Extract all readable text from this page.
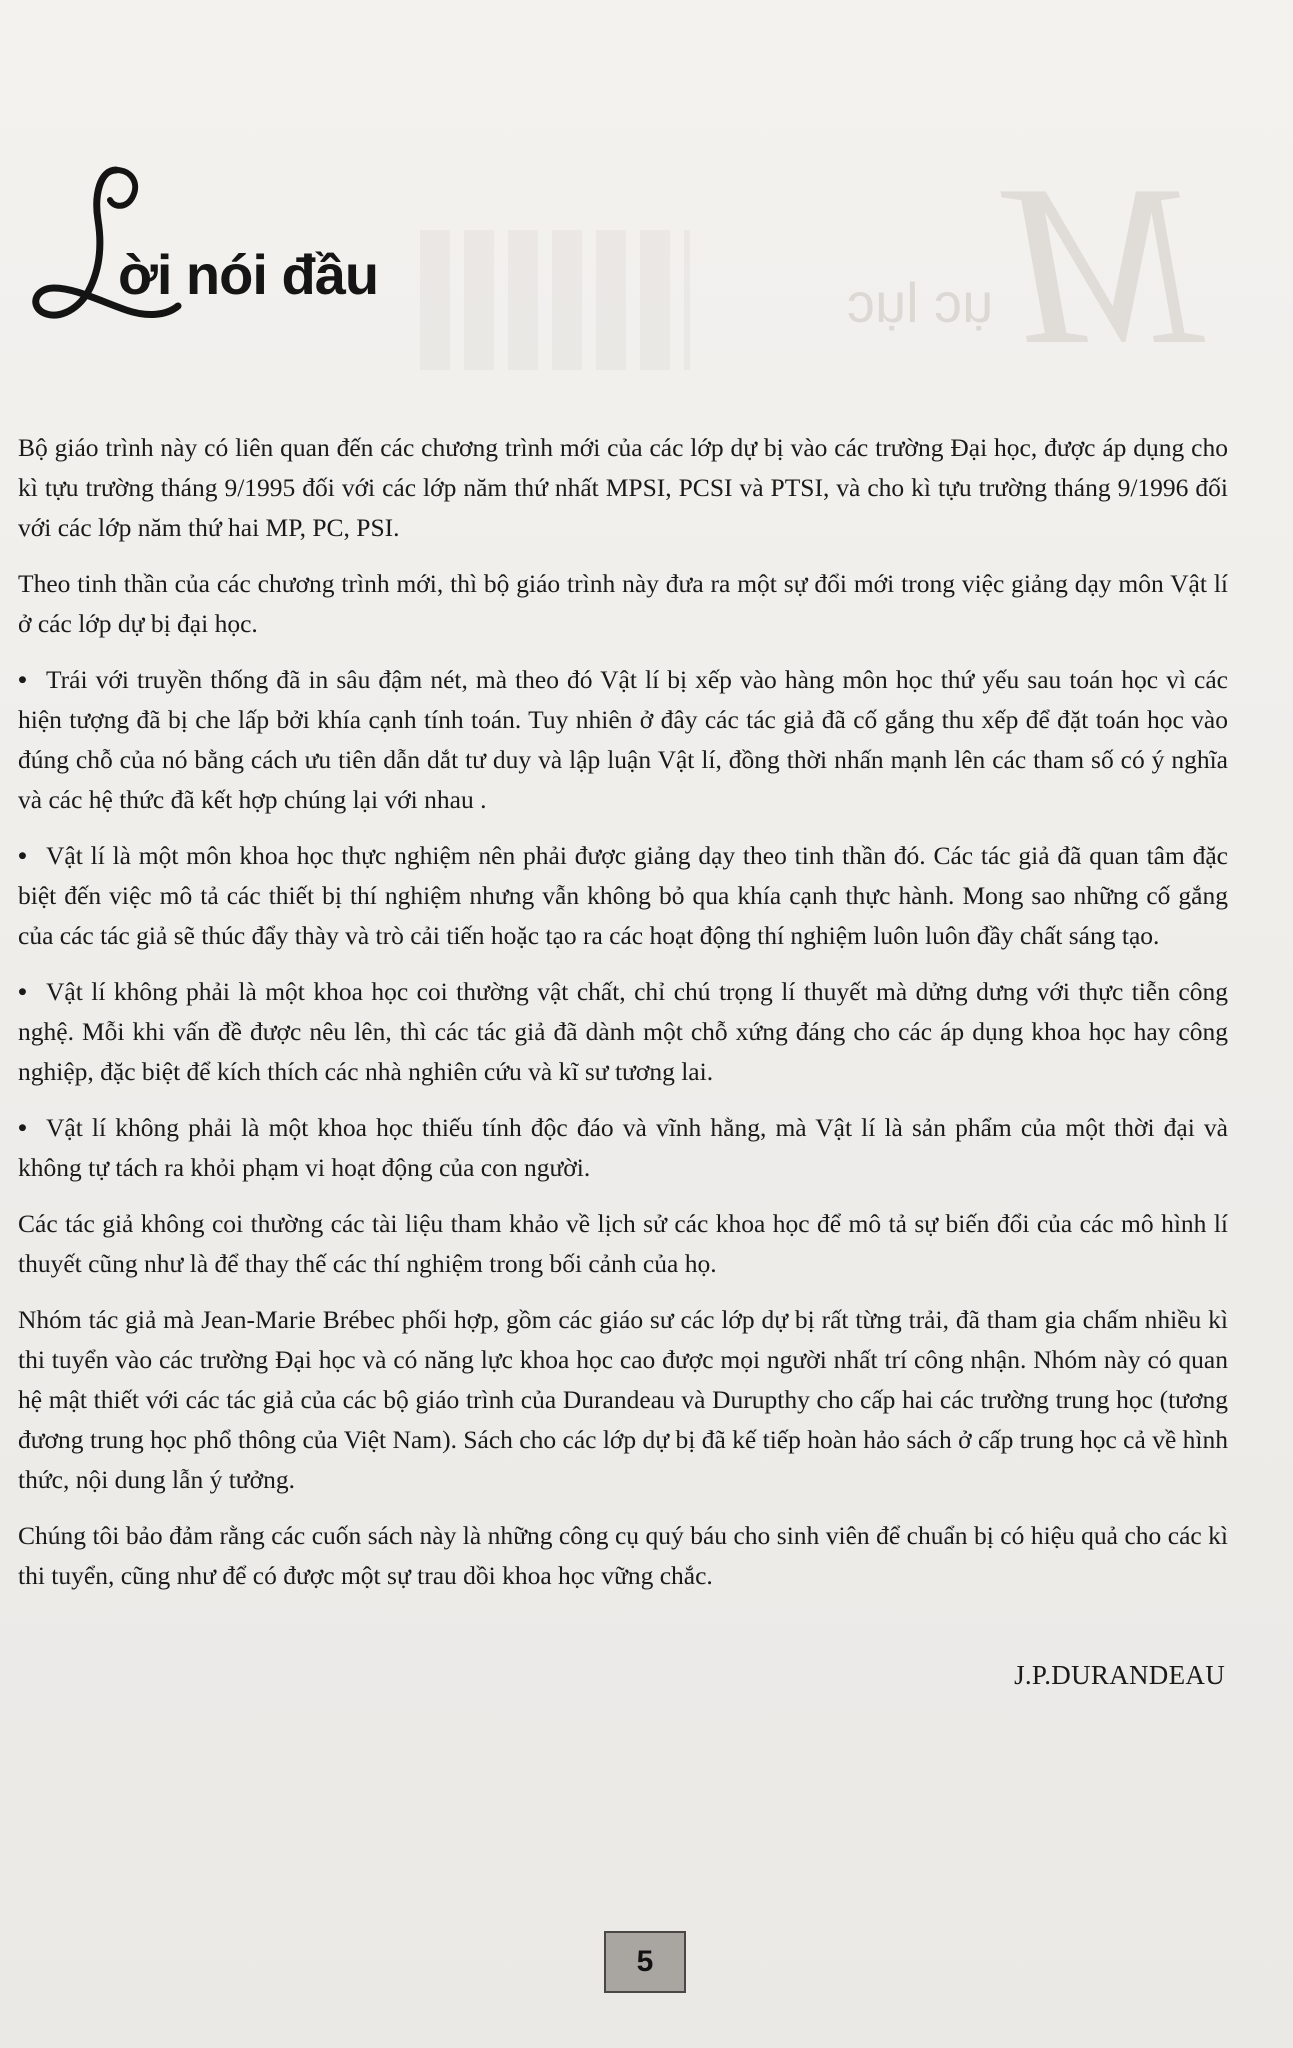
M
ục lục
ời nói đầu

Bộ giáo trình này có liên quan đến các chương trình mới của các lớp dự bị vào các trường Đại học, được áp dụng cho kì tựu trường tháng 9/1995 đối với các lớp năm thứ nhất MPSI, PCSI và PTSI, và cho kì tựu trường tháng 9/1996 đối với các lớp năm thứ hai MP, PC, PSI.

Theo tinh thần của các chương trình mới, thì bộ giáo trình này đưa ra một sự đổi mới trong việc giảng dạy môn Vật lí ở các lớp dự bị đại học.

• Trái với truyền thống đã in sâu đậm nét, mà theo đó Vật lí bị xếp vào hàng môn học thứ yếu sau toán học vì các hiện tượng đã bị che lấp bởi khía cạnh tính toán. Tuy nhiên ở đây các tác giả đã cố gắng thu xếp để đặt toán học vào đúng chỗ của nó bằng cách ưu tiên dẫn dắt tư duy và lập luận Vật lí, đồng thời nhấn mạnh lên các tham số có ý nghĩa và các hệ thức đã kết hợp chúng lại với nhau .

• Vật lí là một môn khoa học thực nghiệm nên phải được giảng dạy theo tinh thần đó. Các tác giả đã quan tâm đặc biệt đến việc mô tả các thiết bị thí nghiệm nhưng vẫn không bỏ qua khía cạnh thực hành. Mong sao những cố gắng của các tác giả sẽ thúc đẩy thày và trò cải tiến hoặc tạo ra các hoạt động thí nghiệm luôn luôn đầy chất sáng tạo.

• Vật lí không phải là một khoa học coi thường vật chất, chỉ chú trọng lí thuyết mà dửng dưng với thực tiễn công nghệ. Mỗi khi vấn đề được nêu lên, thì các tác giả đã dành một chỗ xứng đáng cho các áp dụng khoa học hay công nghiệp, đặc biệt để kích thích các nhà nghiên cứu và kĩ sư tương lai.

• Vật lí không phải là một khoa học thiếu tính độc đáo và vĩnh hằng, mà Vật lí là sản phẩm của một thời đại và không tự tách ra khỏi phạm vi hoạt động của con người.

Các tác giả không coi thường các tài liệu tham khảo về lịch sử các khoa học để mô tả sự biến đổi của các mô hình lí thuyết cũng như là để thay thế các thí nghiệm trong bối cảnh của họ.

Nhóm tác giả mà Jean-Marie Brébec phối hợp, gồm các giáo sư các lớp dự bị rất từng trải, đã tham gia chấm nhiều kì thi tuyển vào các trường Đại học và có năng lực khoa học cao được mọi người nhất trí công nhận. Nhóm này có quan hệ mật thiết với các tác giả của các bộ giáo trình của Durandeau và Durupthy cho cấp hai các trường trung học (tương đương trung học phổ thông của Việt Nam). Sách cho các lớp dự bị đã kế tiếp hoàn hảo sách ở cấp trung học cả về hình thức, nội dung lẫn ý tưởng.

Chúng tôi bảo đảm rằng các cuốn sách này là những công cụ quý báu cho sinh viên để chuẩn bị có hiệu quả cho các kì thi tuyển, cũng như để có được một sự trau dồi khoa học vững chắc.

J.P.DURANDEAU
5
